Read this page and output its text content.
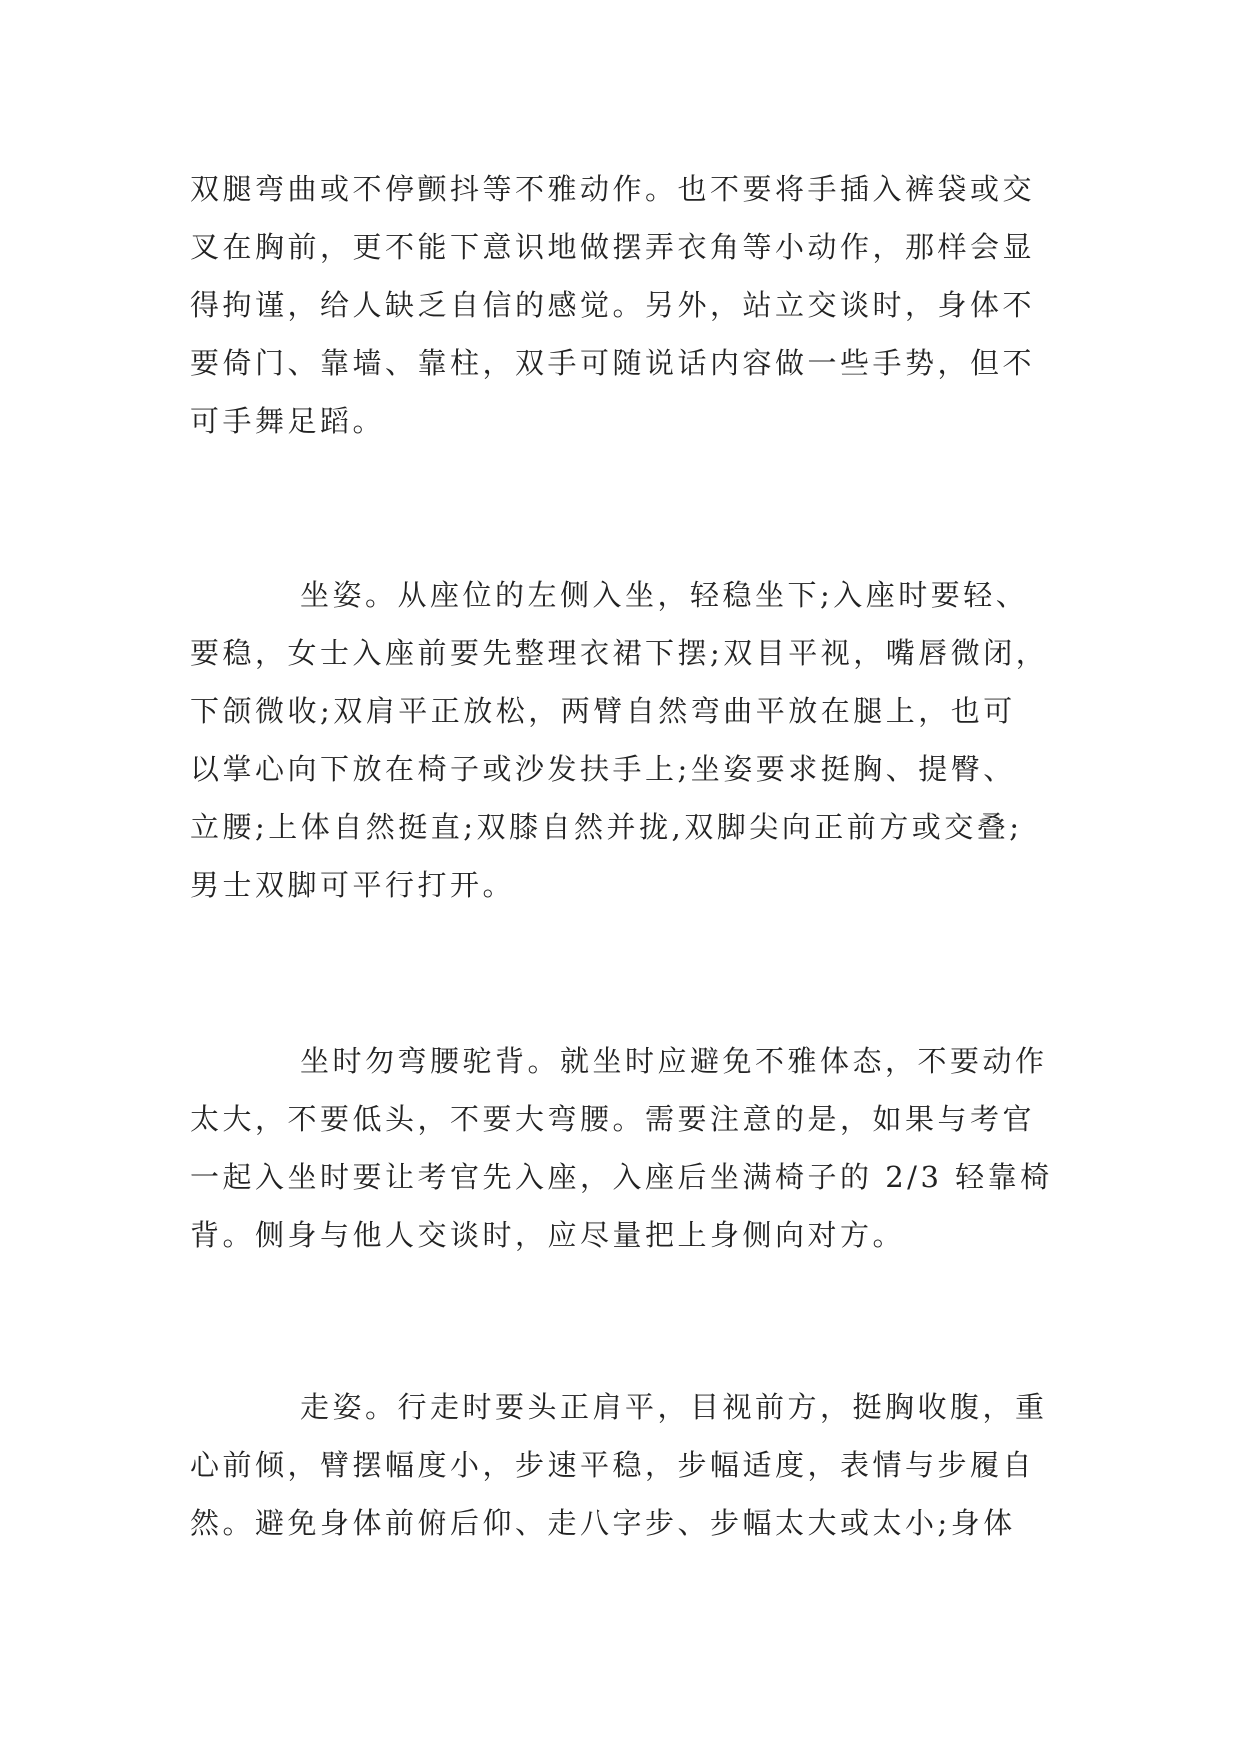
双腿弯曲或不停颤抖等不雅动作。也不要将手插入裤袋或交
叉在胸前，更不能下意识地做摆弄衣角等小动作，那样会显
得拘谨，给人缺乏自信的感觉。另外，站立交谈时，身体不
要倚门、靠墙、靠柱，双手可随说话内容做一些手势，但不
可手舞足蹈。
坐姿。从座位的左侧入坐，轻稳坐下;入座时要轻、
要稳，女士入座前要先整理衣裙下摆;双目平视，嘴唇微闭，
下颌微收;双肩平正放松，两臂自然弯曲平放在腿上，也可
以掌心向下放在椅子或沙发扶手上;坐姿要求挺胸、提臀、
立腰;上体自然挺直;双膝自然并拢,双脚尖向正前方或交叠;
男士双脚可平行打开。
坐时勿弯腰驼背。就坐时应避免不雅体态，不要动作
太大，不要低头，不要大弯腰。需要注意的是，如果与考官
一起入坐时要让考官先入座，入座后坐满椅子的 2/3 轻靠椅
背。侧身与他人交谈时，应尽量把上身侧向对方。
走姿。行走时要头正肩平，目视前方，挺胸收腹，重
心前倾，臂摆幅度小，步速平稳，步幅适度，表情与步履自
然。避免身体前俯后仰、走八字步、步幅太大或太小;身体
